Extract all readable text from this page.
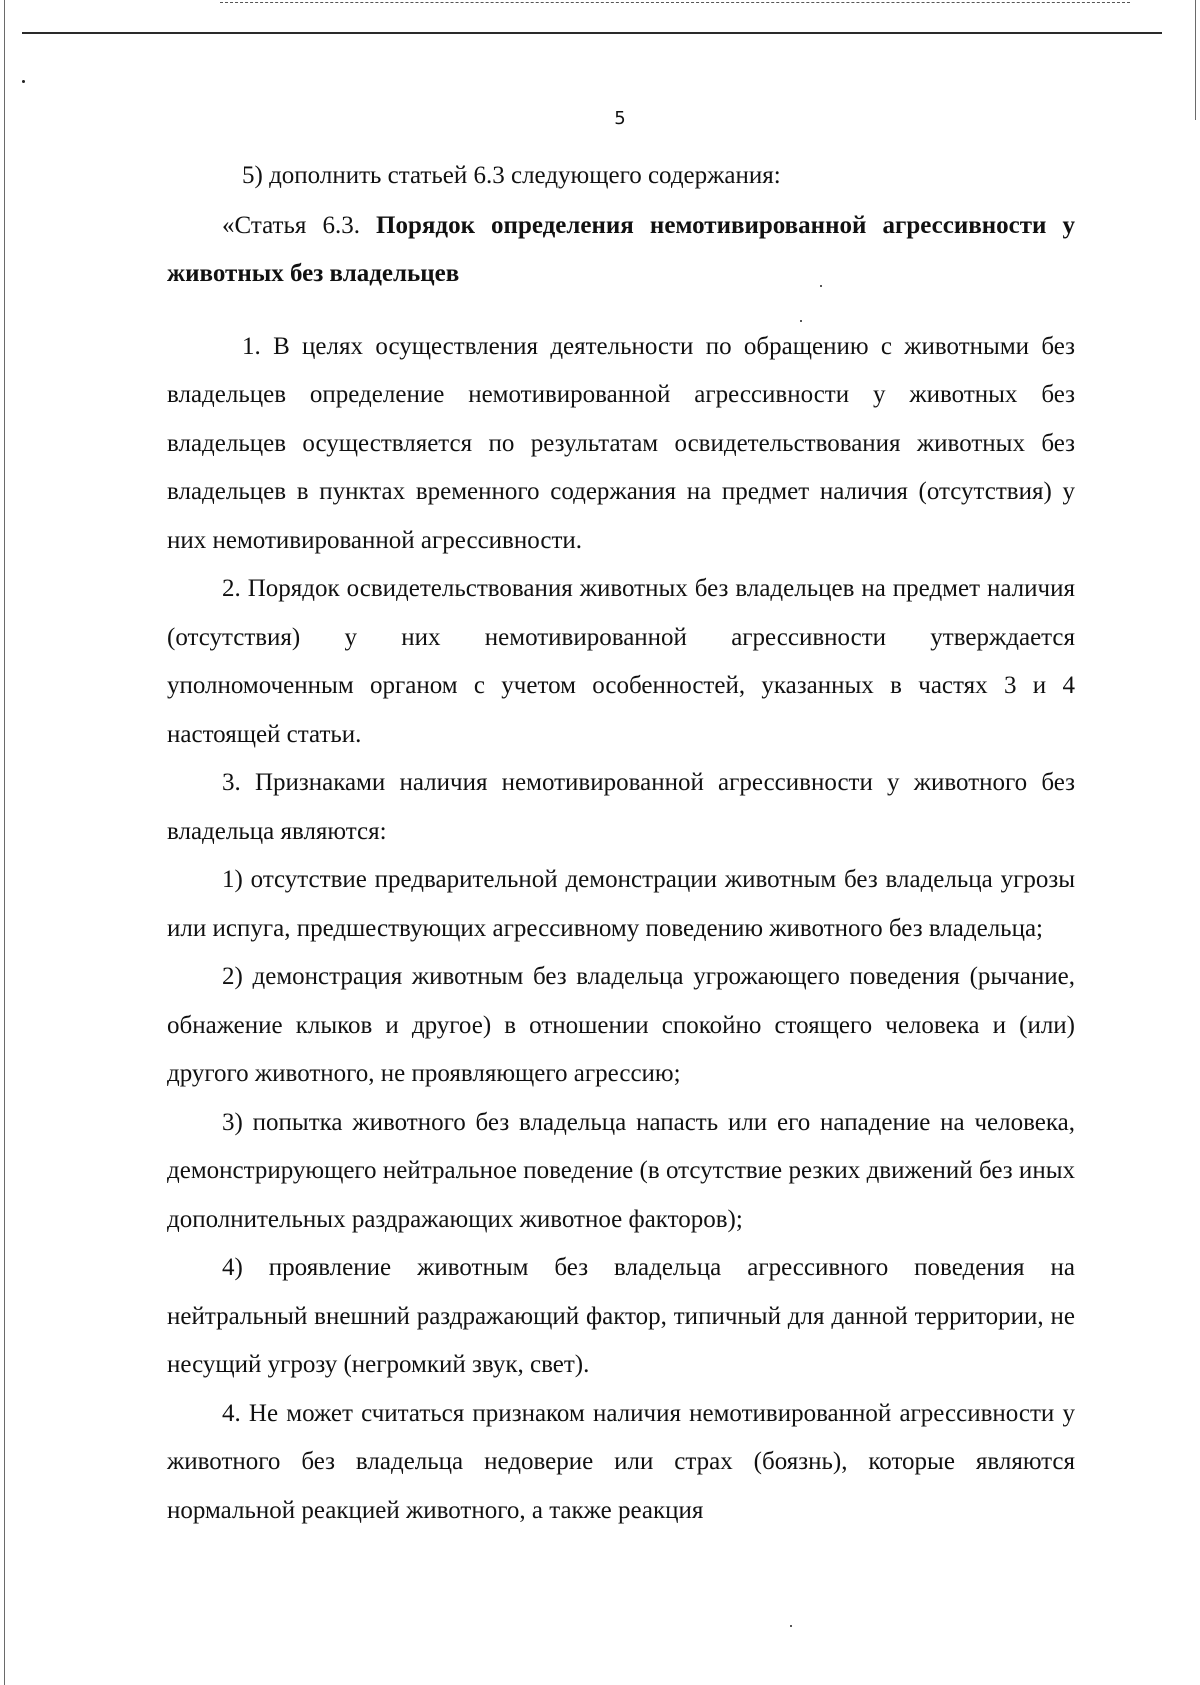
5

5) дополнить статьей 6.3 следующего содержания:

«Статья 6.3. Порядок определения немотивированной агрессивности у животных без владельцев

1. В целях осуществления деятельности по обращению с животными без владельцев определение немотивированной агрессивности у животных без владельцев осуществляется по результатам освидетельствования животных без владельцев в пунктах временного содержания на предмет наличия (отсутствия) у них немотивированной агрессивности.

2. Порядок освидетельствования животных без владельцев на предмет наличия (отсутствия) у них немотивированной агрессивности утверждается уполномоченным органом с учетом особенностей, указанных в частях 3 и 4 настоящей статьи.

3. Признаками наличия немотивированной агрессивности у животного без владельца являются:

1) отсутствие предварительной демонстрации животным без владельца угрозы или испуга, предшествующих агрессивному поведению животного без владельца;

2) демонстрация животным без владельца угрожающего поведения (рычание, обнажение клыков и другое) в отношении спокойно стоящего человека и (или) другого животного, не проявляющего агрессию;

3) попытка животного без владельца напасть или его нападение на человека, демонстрирующего нейтральное поведение (в отсутствие резких движений без иных дополнительных раздражающих животное факторов);

4) проявление животным без владельца агрессивного поведения на нейтральный внешний раздражающий фактор, типичный для данной территории, не несущий угрозу (негромкий звук, свет).

4. Не может считаться признаком наличия немотивированной агрессивности у животного без владельца недоверие или страх (боязнь), которые являются нормальной реакцией животного, а также реакция
